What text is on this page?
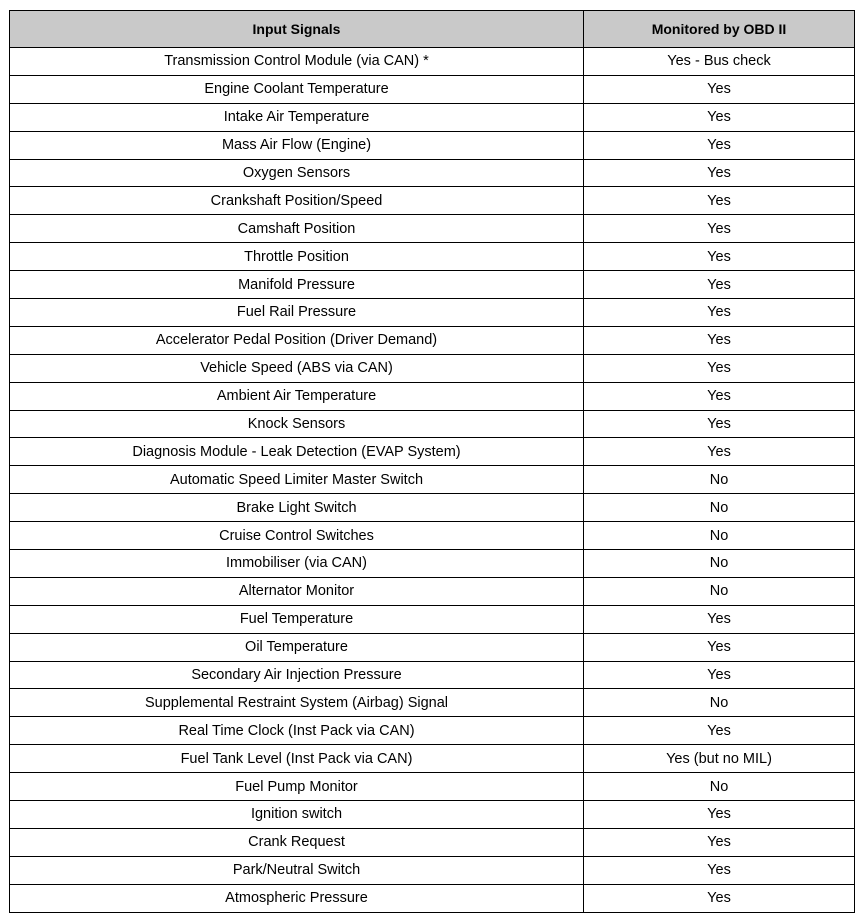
Input Signals	Monitored by OBD II
Transmission Control Module (via CAN) *	Yes - Bus check
Engine Coolant Temperature	Yes
Intake Air Temperature	Yes
Mass Air Flow (Engine)	Yes
Oxygen Sensors	Yes
Crankshaft Position/Speed	Yes
Camshaft Position	Yes
Throttle Position	Yes
Manifold Pressure	Yes
Fuel Rail Pressure	Yes
Accelerator Pedal Position (Driver Demand)	Yes
Vehicle Speed (ABS via CAN)	Yes
Ambient Air Temperature	Yes
Knock Sensors	Yes
Diagnosis Module - Leak Detection (EVAP System)	Yes
Automatic Speed Limiter Master Switch	No
Brake Light Switch	No
Cruise Control Switches	No
Immobiliser (via CAN)	No
Alternator Monitor	No
Fuel Temperature	Yes
Oil Temperature	Yes
Secondary Air Injection Pressure	Yes
Supplemental Restraint System (Airbag) Signal	No
Real Time Clock (Inst Pack via CAN)	Yes
Fuel Tank Level (Inst Pack via CAN)	Yes (but no MIL)
Fuel Pump Monitor	No
Ignition switch	Yes
Crank Request	Yes
Park/Neutral Switch	Yes
Atmospheric Pressure	Yes
